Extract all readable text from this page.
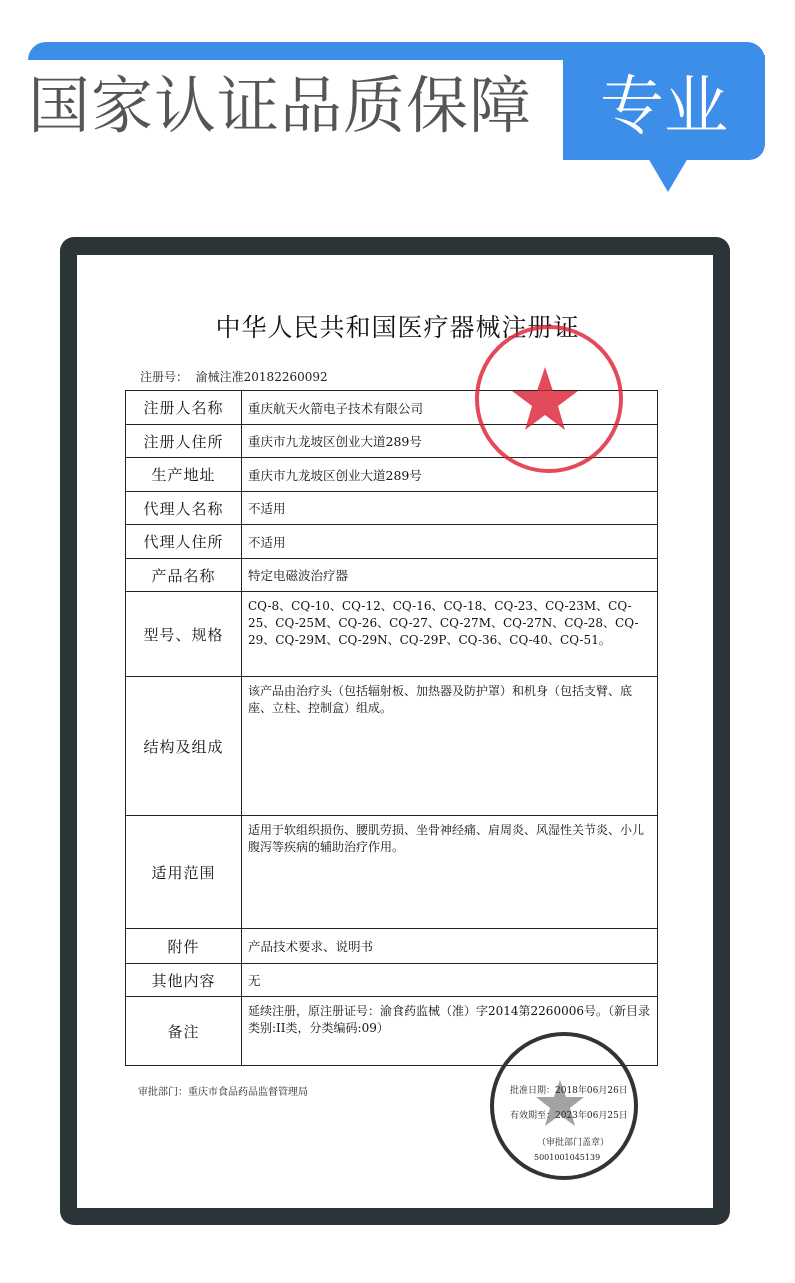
国家认证品质保障	专业
中华人民共和国医疗器械注册证
注册号： 渝械注准20182260092
注册人名称	重庆航天火箭电子技术有限公司
注册人住所	重庆市九龙坡区创业大道289号
生产地址	重庆市九龙坡区创业大道289号
代理人名称	不适用
代理人住所	不适用
产品名称	特定电磁波治疗器
型号、规格	CQ-8、CQ-10、CQ-12、CQ-16、CQ-18、CQ-23、CQ-23M、CQ-25、CQ-25M、CQ-26、CQ-27、CQ-27M、CQ-27N、CQ-28、CQ-29、CQ-29M、CQ-29N、CQ-29P、CQ-36、CQ-40、CQ-51。
结构及组成	该产品由治疗头（包括辐射板、加热器及防护罩）和机身（包括支臂、底座、立柱、控制盒）组成。
适用范围	适用于软组织损伤、腰肌劳损、坐骨神经痛、肩周炎、风湿性关节炎、小儿腹泻等疾病的辅助治疗作用。
附件	产品技术要求、说明书
其他内容	无
备注	延续注册，原注册证号：渝食药监械（准）字2014第2260006号。（新目录类别:II类，分类编码:09）
审批部门：重庆市食品药品监督管理局	批准日期：2018年06月26日
有效期至：2023年06月25日
（审批部门盖章）
5001001045139
